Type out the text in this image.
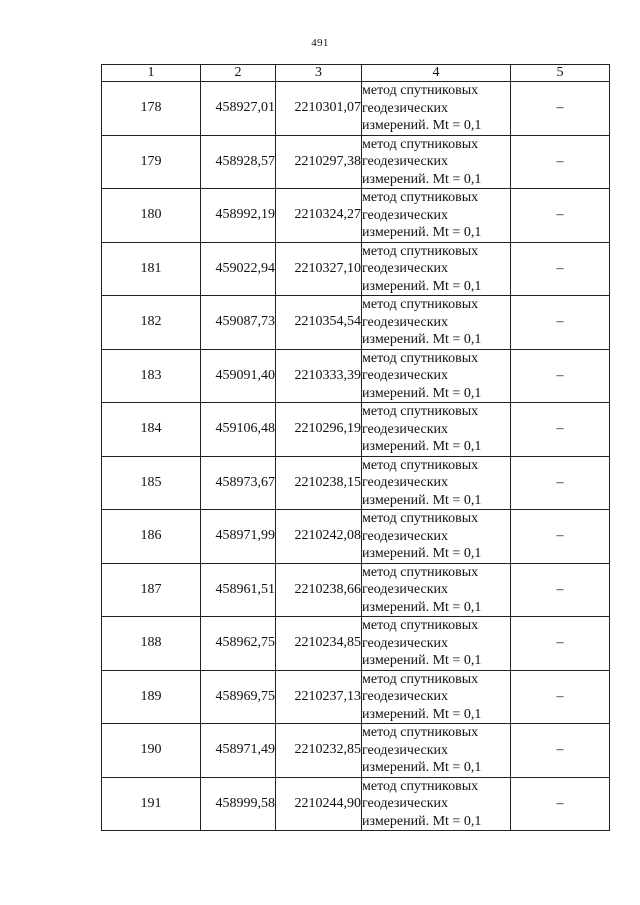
491
1	2	3	4	5
178	458927,01	2210301,07	метод спутниковых
геодезических
измерений. Mt = 0,1	–
179	458928,57	2210297,38	метод спутниковых
геодезических
измерений. Mt = 0,1	–
180	458992,19	2210324,27	метод спутниковых
геодезических
измерений. Mt = 0,1	–
181	459022,94	2210327,10	метод спутниковых
геодезических
измерений. Mt = 0,1	–
182	459087,73	2210354,54	метод спутниковых
геодезических
измерений. Mt = 0,1	–
183	459091,40	2210333,39	метод спутниковых
геодезических
измерений. Mt = 0,1	–
184	459106,48	2210296,19	метод спутниковых
геодезических
измерений. Mt = 0,1	–
185	458973,67	2210238,15	метод спутниковых
геодезических
измерений. Mt = 0,1	–
186	458971,99	2210242,08	метод спутниковых
геодезических
измерений. Mt = 0,1	–
187	458961,51	2210238,66	метод спутниковых
геодезических
измерений. Mt = 0,1	–
188	458962,75	2210234,85	метод спутниковых
геодезических
измерений. Mt = 0,1	–
189	458969,75	2210237,13	метод спутниковых
геодезических
измерений. Mt = 0,1	–
190	458971,49	2210232,85	метод спутниковых
геодезических
измерений. Mt = 0,1	–
191	458999,58	2210244,90	метод спутниковых
геодезических
измерений. Mt = 0,1	–
